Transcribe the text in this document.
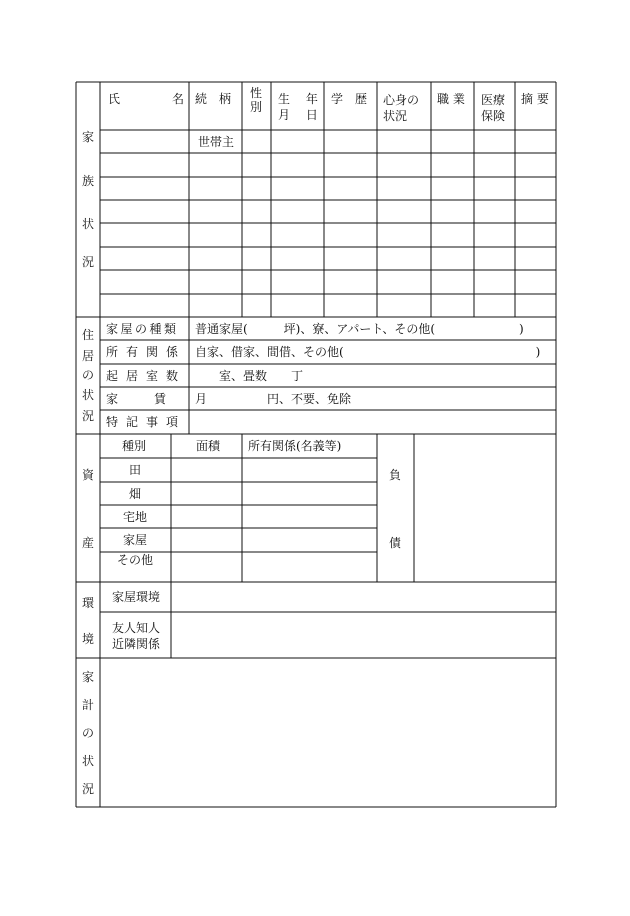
家
族
状
況
氏	名 続　柄 性
別
生　 年
月　 日
学　歴 心身の
状況
職 業 医療
保険
摘 要
世帯主
住
居
の
状
況
家屋の種類 普通家屋(　　　坪)、寮、アパート、その他(　　　　　　　)
所有関係 自家、借家、間借、その他(　　　　　　　　　　　　　　　　)
起居室数 　　室、畳数　　丁
家　　　賃 月　　　　　円、不要、免除
特記事項
資
産
種別	面積 所有関係(名義等)
田
畑
宅地
家屋
その他
負
債
環
境
家屋環境
友人知人
近隣関係
家
計
の
状
況
